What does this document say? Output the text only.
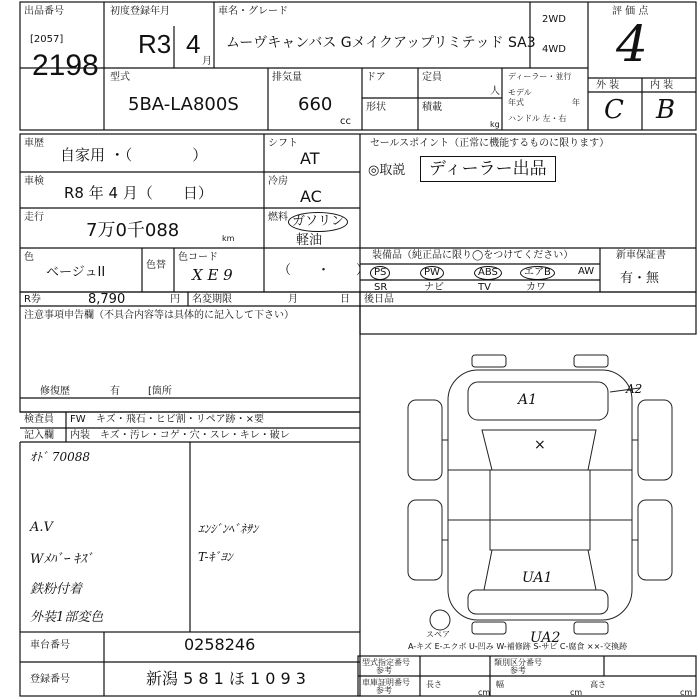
出品番号
[2057]
2198
初度登録年月
R3 4
月
車名・グレード
ムーヴキャンバス Gメイクアップリミテッド SA3
2WD
4WD
評 価 点
4
外 装	内 装
C B
型式
5BA-LA800S
排気量
660
cc
ドア	定員
人
形状	積載
kg
ディーラー・並行
モデル
年式	年
ハンドル 左・右
車歴
自家用 ・（　　　　）
シフト
AT
セールスポイント（正常に機能するものに限ります）
◎取説	ディーラー出品
車検
R8 年 4 月（　　日）
冷房
AC
走行
7万0千088	km
燃料 ガソリン
軽油
（　　・　　）
色
ベージュII	色替
色コード
X E 9
装備品（純正品に限り◯をつけてください）
PS	PW	ABS	エアB	AW
SR	ナビ	TV	カワ
新車保証書
有・無
R券	8,790	円 名変期限	月	日 後日品
注意事項申告欄（不具合内容等は具体的に記入して下さい）
修復歴	有	[箇所
検査員
記入欄
FW キズ・飛石・ヒビ割・リペア跡・×要
内装 キズ・汚レ・コゲ・穴・スレ・キレ・破レ
ｵﾄﾞ 70088
A.V	ｴﾝｼﾞﾝﾍﾞﾈｻﾝ
Wﾒﾊﾞｰ ｷｽﾞ	T-ｷﾞﾖﾝ
鉄粉付着
外装1部変色
A1
A2
×
UA1
UA2
スペア
A-キズ E-エクボ U-凹み W-補修跡 S-サビ C-腐食 ××-交換跡
車台番号	0258246
登録番号	新潟 5 8 1 ほ 1 0 9 3
型式指定番号
参考
類別区分番号
参考
車庫証明番号
参考
長さ	幅	高さ
cm	cm	cm
